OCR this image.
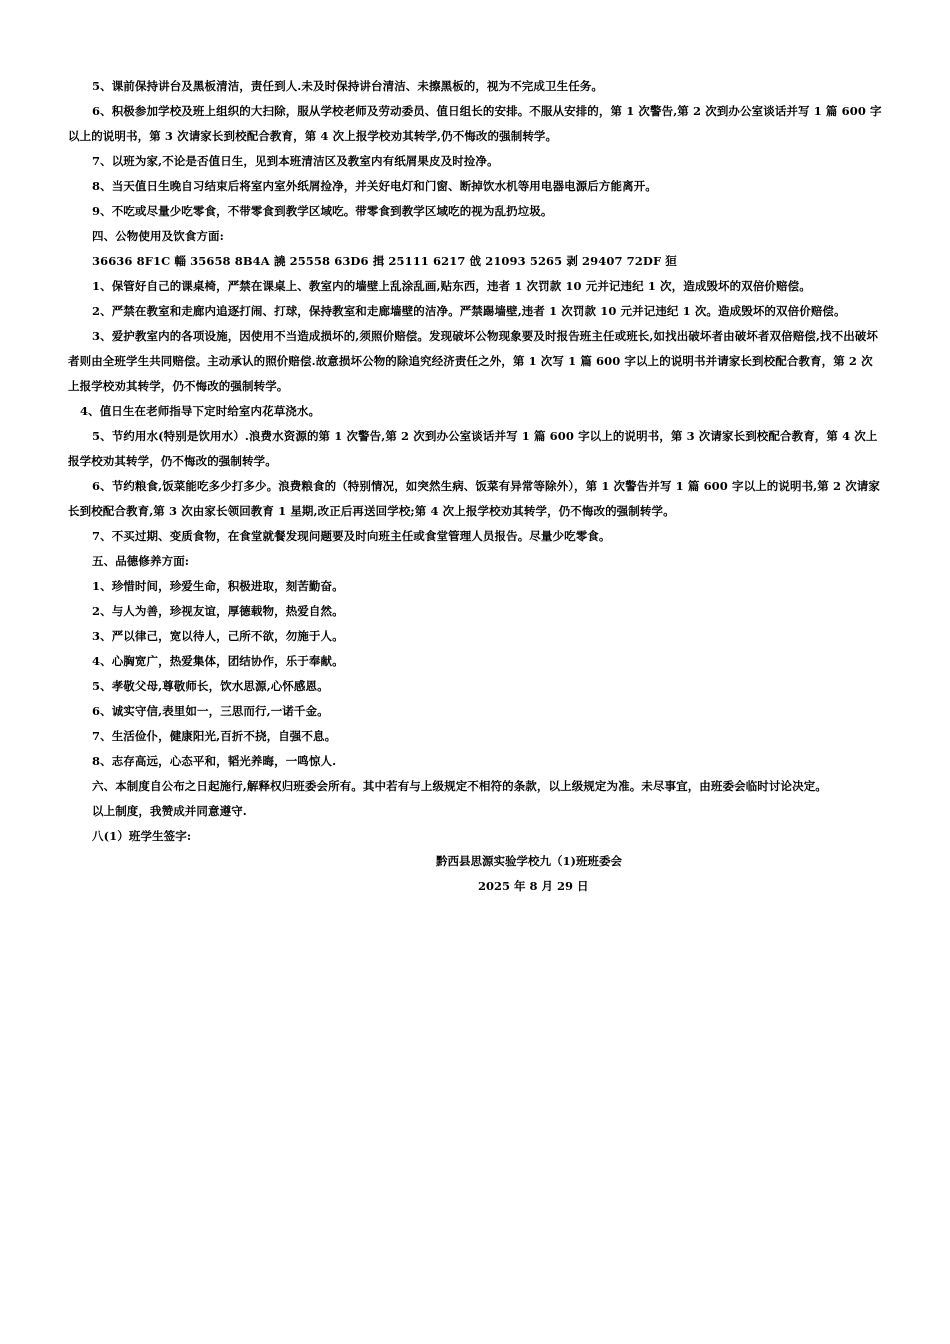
5、课前保持讲台及黑板清洁，责任到人.未及时保持讲台清洁、未擦黑板的，视为不完成卫生任务。

6、积极参加学校及班上组织的大扫除，服从学校老师及劳动委员、值日组长的安排。不服从安排的，第 1 次警告,第 2 次到办公室谈话并写 1 篇 600 字以上的说明书，第 3 次请家长到校配合教育，第 4 次上报学校劝其转学,仍不悔改的强制转学。

7、以班为家,不论是否值日生，见到本班清洁区及教室内有纸屑果皮及时捡净。

8、当天值日生晚自习结束后将室内室外纸屑捡净，并关好电灯和门窗、断掉饮水机等用电器电源后方能离开。

9、不吃或尽量少吃零食，不带零食到教学区域吃。带零食到教学区域吃的视为乱扔垃圾。

四、公物使用及饮食方面:

36636 8F1C 輜 35658 8B4A 譊 25558 63D6 揖 25111 6217 戗 21093 5265 剥 29407 72DF 狟

1、保管好自己的课桌椅，严禁在课桌上、教室内的墙壁上乱涂乱画,贴东西，违者 1 次罚款 10 元并记违纪 1 次，造成毁坏的双倍价赔偿。

2、严禁在教室和走廊内追逐打闹、打球，保持教室和走廊墙壁的洁净。严禁踢墙壁,违者 1 次罚款 10 元并记违纪 1 次。造成毁坏的双倍价赔偿。

3、爱护教室内的各项设施，因使用不当造成损坏的,须照价赔偿。发现破坏公物现象要及时报告班主任或班长,如找出破坏者由破坏者双倍赔偿,找不出破坏者则由全班学生共同赔偿。主动承认的照价赔偿.故意损坏公物的除追究经济责任之外，第 1 次写 1 篇 600 字以上的说明书并请家长到校配合教育，第 2 次上报学校劝其转学，仍不悔改的强制转学。

4、值日生在老师指导下定时给室内花草浇水。

5、节约用水(特别是饮用水）.浪费水资源的第 1 次警告,第 2 次到办公室谈话并写 1 篇 600 字以上的说明书，第 3 次请家长到校配合教育，第 4 次上报学校劝其转学，仍不悔改的强制转学。

6、节约粮食,饭菜能吃多少打多少。浪费粮食的（特别情况，如突然生病、饭菜有异常等除外），第 1 次警告并写 1 篇 600 字以上的说明书,第 2 次请家长到校配合教育,第 3 次由家长领回教育 1 星期,改正后再送回学校;第 4 次上报学校劝其转学，仍不悔改的强制转学。

7、不买过期、变质食物，在食堂就餐发现问题要及时向班主任或食堂管理人员报告。尽量少吃零食。

五、品德修养方面:

1、珍惜时间，珍爱生命，积极进取，刻苦勤奋。

2、与人为善，珍视友谊，厚德载物，热爱自然。

3、严以律己，宽以待人，己所不欲，勿施于人。

4、心胸宽广，热爱集体，团结协作，乐于奉献。

5、孝敬父母,尊敬师长，饮水思源,心怀感恩。

6、诚实守信,表里如一，三思而行,一诺千金。

7、生活俭仆，健康阳光,百折不挠，自强不息。

8、志存高远，心态平和，韬光养晦，一鸣惊人.

六、本制度自公布之日起施行,解释权归班委会所有。其中若有与上级规定不相符的条款，以上级规定为准。未尽事宜，由班委会临时讨论决定。

以上制度，我赞成并同意遵守.

八(1）班学生签字:

黔西县思源实验学校九（1)班班委会

2025 年 8 月 29 日
